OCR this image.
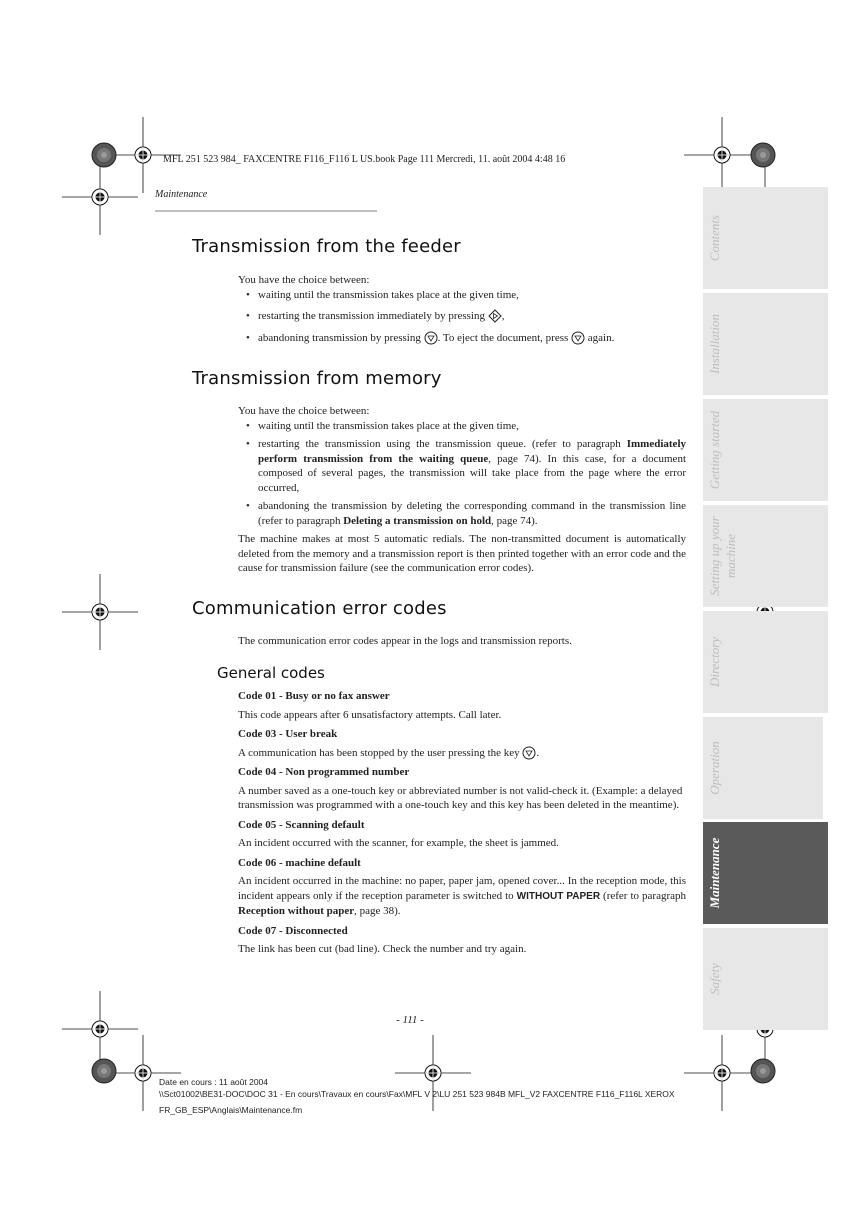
MFL 251 523 984_ FAXCENTRE F116_F116 L US.book Page 111 Mercredi, 11. août 2004 4:48 16
Maintenance
Contents
Installation
Getting started
Setting up your machine
Directory
Operation
Maintenance
Safety
Transmission from the feeder
You have the choice between:
• waiting until the transmission takes place at the given time,
• restarting the transmission immediately by pressing ,
• abandoning transmission by pressing . To eject the document, press again.
Transmission from memory
You have the choice between:
• waiting until the transmission takes place at the given time,
• restarting the transmission using the transmission queue. (refer to paragraph Immediately perform transmission from the waiting queue, page 74). In this case, for a document composed of several pages, the transmission will take place from the page where the error occurred,
• abandoning the transmission by deleting the corresponding command in the transmission line (refer to paragraph Deleting a transmission on hold, page 74).
The machine makes at most 5 automatic redials. The non-transmitted document is automatically deleted from the memory and a transmission report is then printed together with an error code and the cause for transmission failure (see the communication error codes).
Communication error codes
The communication error codes appear in the logs and transmission reports.
General codes
Code 01 - Busy or no fax answer
This code appears after 6 unsatisfactory attempts. Call later.
Code 03 - User break
A communication has been stopped by the user pressing the key .
Code 04 - Non programmed number
A number saved as a one-touch key or abbreviated number is not valid-check it. (Example: a delayed transmission was programmed with a one-touch key and this key has been deleted in the meantime).
Code 05 - Scanning default
An incident occurred with the scanner, for example, the sheet is jammed.
Code 06 - machine default
An incident occurred in the machine: no paper, paper jam, opened cover... In the reception mode, this incident appears only if the reception parameter is switched to WITHOUT PAPER (refer to paragraph Reception without paper, page 38).
Code 07 - Disconnected
The link has been cut (bad line). Check the number and try again.
- 111 -
Date en cours : 11 août 2004
\\Sct01002\BE31-DOC\DOC 31 - En cours\Travaux en cours\Fax\MFL V 2\LU 251 523 984B MFL_V2 FAXCENTRE F116_F116L XEROX
FR_GB_ESP\Anglais\Maintenance.fm
